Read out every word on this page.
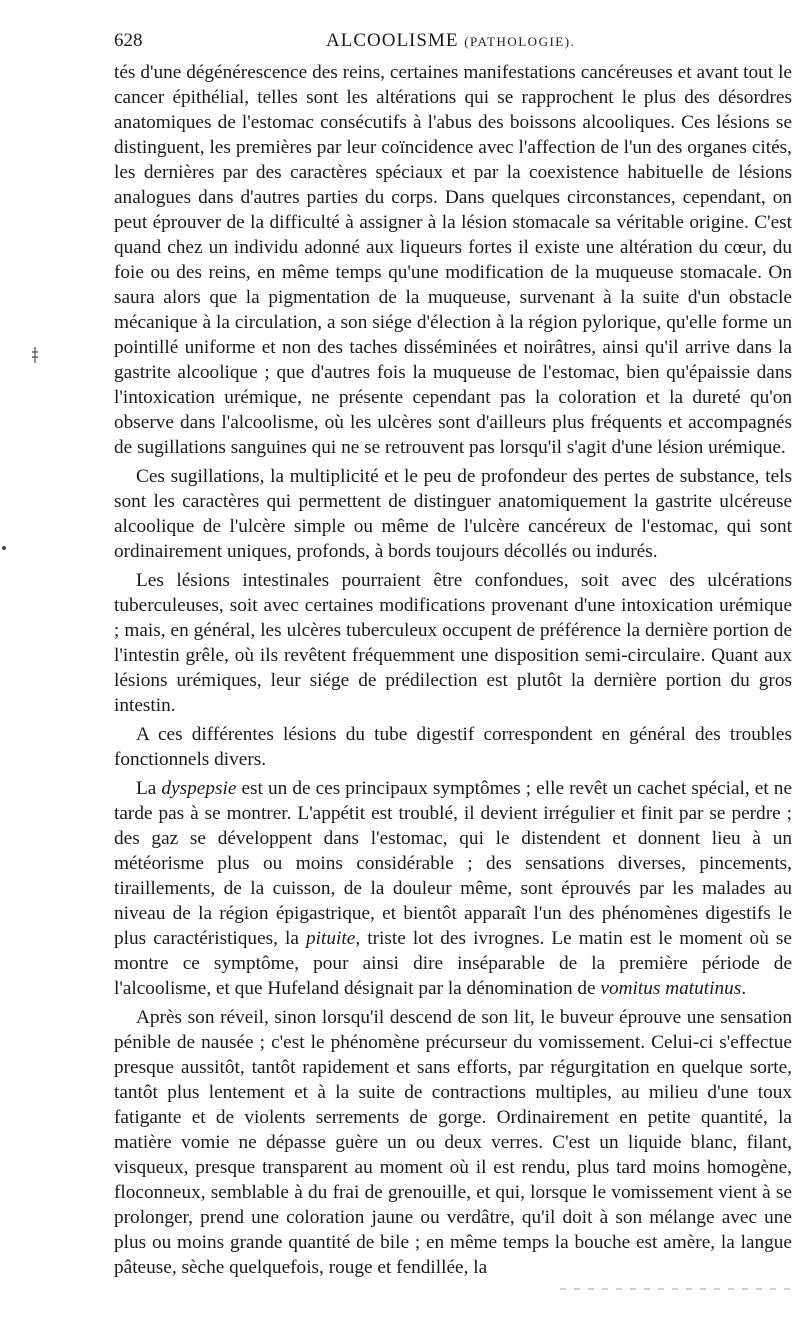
628	ALCOOLISME (PATHOLOGIE).

tés d'une dégénérescence des reins, certaines manifestations cancéreuses et avant tout le cancer épithélial, telles sont les altérations qui se rapprochent le plus des désordres anatomiques de l'estomac consécutifs à l'abus des boissons alcooliques. Ces lésions se distinguent, les premières par leur coïncidence avec l'affection de l'un des organes cités, les dernières par des caractères spéciaux et par la coexistence habituelle de lésions analogues dans d'autres parties du corps. Dans quelques circonstances, cependant, on peut éprouver de la difficulté à assigner à la lésion stomacale sa véritable origine. C'est quand chez un individu adonné aux liqueurs fortes il existe une altération du cœur, du foie ou des reins, en même temps qu'une modification de la muqueuse stomacale. On saura alors que la pigmentation de la muqueuse, survenant à la suite d'un obstacle mécanique à la circulation, a son siége d'élection à la région pylorique, qu'elle forme un pointillé uniforme et non des taches disséminées et noirâtres, ainsi qu'il arrive dans la gastrite alcoolique ; que d'autres fois la muqueuse de l'estomac, bien qu'épaissie dans l'intoxication urémique, ne présente cependant pas la coloration et la dureté qu'on observe dans l'alcoolisme, où les ulcères sont d'ailleurs plus fréquents et accompagnés de sugillations sanguines qui ne se retrouvent pas lorsqu'il s'agit d'une lésion urémique.

Ces sugillations, la multiplicité et le peu de profondeur des pertes de substance, tels sont les caractères qui permettent de distinguer anatomiquement la gastrite ulcéreuse alcoolique de l'ulcère simple ou même de l'ulcère cancéreux de l'estomac, qui sont ordinairement uniques, profonds, à bords toujours décollés ou indurés.

Les lésions intestinales pourraient être confondues, soit avec des ulcérations tuberculeuses, soit avec certaines modifications provenant d'une intoxication urémique ; mais, en général, les ulcères tuberculeux occupent de préférence la dernière portion de l'intestin grêle, où ils revêtent fréquemment une disposition semi-circulaire. Quant aux lésions urémiques, leur siége de prédilection est plutôt la dernière portion du gros intestin.

A ces différentes lésions du tube digestif correspondent en général des troubles fonctionnels divers.

La dyspepsie est un de ces principaux symptômes ; elle revêt un cachet spécial, et ne tarde pas à se montrer. L'appétit est troublé, il devient irrégulier et finit par se perdre ; des gaz se développent dans l'estomac, qui le distendent et donnent lieu à un météorisme plus ou moins considérable ; des sensations diverses, pincements, tiraillements, de la cuisson, de la douleur même, sont éprouvés par les malades au niveau de la région épigastrique, et bientôt apparaît l'un des phénomènes digestifs le plus caractéristiques, la pituite, triste lot des ivrognes. Le matin est le moment où se montre ce symptôme, pour ainsi dire inséparable de la première période de l'alcoolisme, et que Hufeland désignait par la dénomination de vomitus matutinus.

Après son réveil, sinon lorsqu'il descend de son lit, le buveur éprouve une sensation pénible de nausée ; c'est le phénomène précurseur du vomissement. Celui-ci s'effectue presque aussitôt, tantôt rapidement et sans efforts, par régurgitation en quelque sorte, tantôt plus lentement et à la suite de contractions multiples, au milieu d'une toux fatigante et de violents serrements de gorge. Ordinairement en petite quantité, la matière vomie ne dépasse guère un ou deux verres. C'est un liquide blanc, filant, visqueux, presque transparent au moment où il est rendu, plus tard moins homogène, floconneux, semblable à du frai de grenouille, et qui, lorsque le vomissement vient à se prolonger, prend une coloration jaune ou verdâtre, qu'il doit à son mélange avec une plus ou moins grande quantité de bile ; en même temps la bouche est amère, la langue pâteuse, sèche quelquefois, rouge et fendillée, la
